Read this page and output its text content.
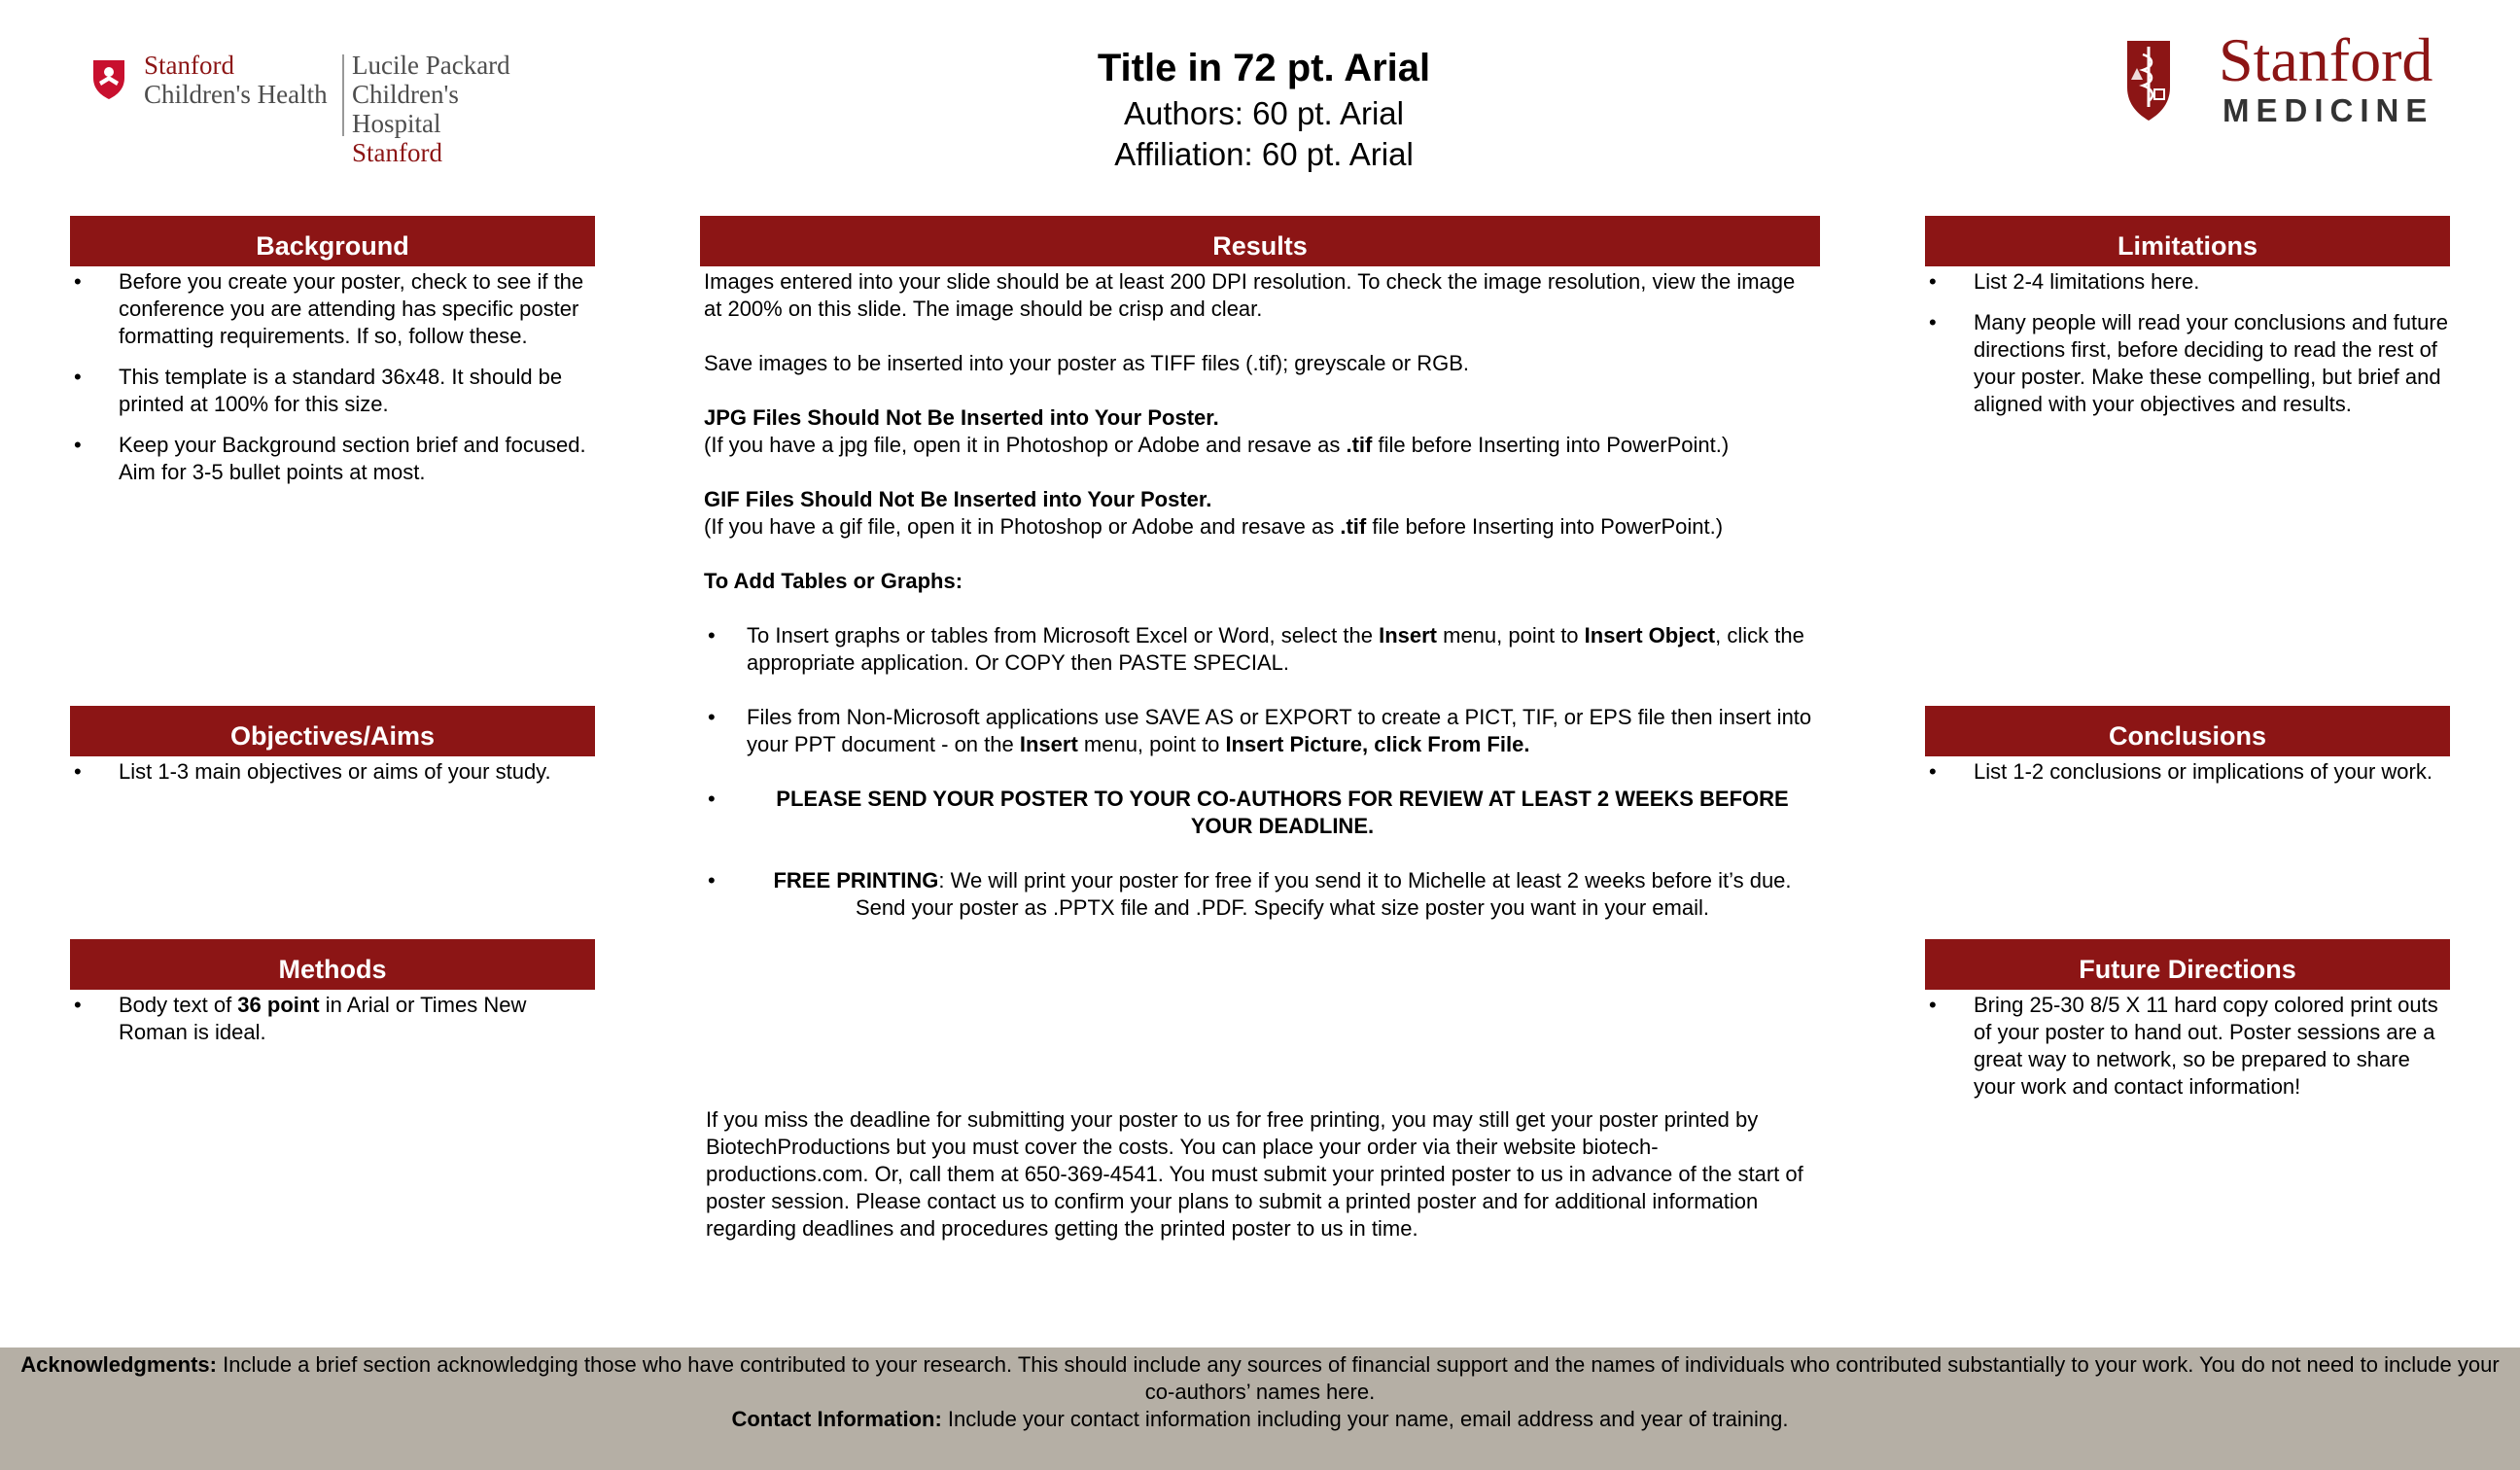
Stanford
Children's Health
Lucile Packard
Children's Hospital
Stanford
Title in 72 pt. Arial
Authors: 60 pt. Arial
Affiliation: 60 pt. Arial
Stanford
MEDICINE
Background
• Before you create your poster, check to see if the conference you are attending has specific poster formatting requirements. If so, follow these.
• This template is a standard 36x48. It should be printed at 100% for this size.
• Keep your Background section brief and focused. Aim for 3-5 bullet points at most.
Objectives/Aims
• List 1-3 main objectives or aims of your study.
Methods
• Body text of 36 point in Arial or Times New Roman is ideal.
Results

Images entered into your slide should be at least 200 DPI resolution. To check the image resolution, view the image at 200% on this slide. The image should be crisp and clear.

Save images to be inserted into your poster as TIFF files (.tif); greyscale or RGB.

JPG Files Should Not Be Inserted into Your Poster.
(If you have a jpg file, open it in Photoshop or Adobe and resave as .tif file before Inserting into PowerPoint.)

GIF Files Should Not Be Inserted into Your Poster.
(If you have a gif file, open it in Photoshop or Adobe and resave as .tif file before Inserting into PowerPoint.)

To Add Tables or Graphs:

• To Insert graphs or tables from Microsoft Excel or Word, select the Insert menu, point to Insert Object, click the appropriate application. Or COPY then PASTE SPECIAL.
• Files from Non-Microsoft applications use SAVE AS or EXPORT to create a PICT, TIF, or EPS file then insert into your PPT document - on the Insert menu, point to Insert Picture, click From File.
• PLEASE SEND YOUR POSTER TO YOUR CO-AUTHORS FOR REVIEW AT LEAST 2 WEEKS BEFORE YOUR DEADLINE.
• FREE PRINTING: We will print your poster for free if you send it to Michelle at least 2 weeks before it’s due. Send your poster as .PPTX file and .PDF. Specify what size poster you want in your email.
If you miss the deadline for submitting your poster to us for free printing, you may still get your poster printed by BiotechProductions but you must cover the costs. You can place your order via their website biotech-productions.com. Or, call them at 650-369-4541. You must submit your printed poster to us in advance of the start of poster session. Please contact us to confirm your plans to submit a printed poster and for additional information regarding deadlines and procedures getting the printed poster to us in time.
Limitations
• List 2-4 limitations here.
• Many people will read your conclusions and future directions first, before deciding to read the rest of your poster. Make these compelling, but brief and aligned with your objectives and results.
Conclusions
• List 1-2 conclusions or implications of your work.
Future Directions
• Bring 25-30 8/5 X 11 hard copy colored print outs of your poster to hand out. Poster sessions are a great way to network, so be prepared to share your work and contact information!
Acknowledgments: Include a brief section acknowledging those who have contributed to your research. This should include any sources of financial support and the names of individuals who contributed substantially to your work. You do not need to include your co-authors’ names here.
Contact Information: Include your contact information including your name, email address and year of training.
